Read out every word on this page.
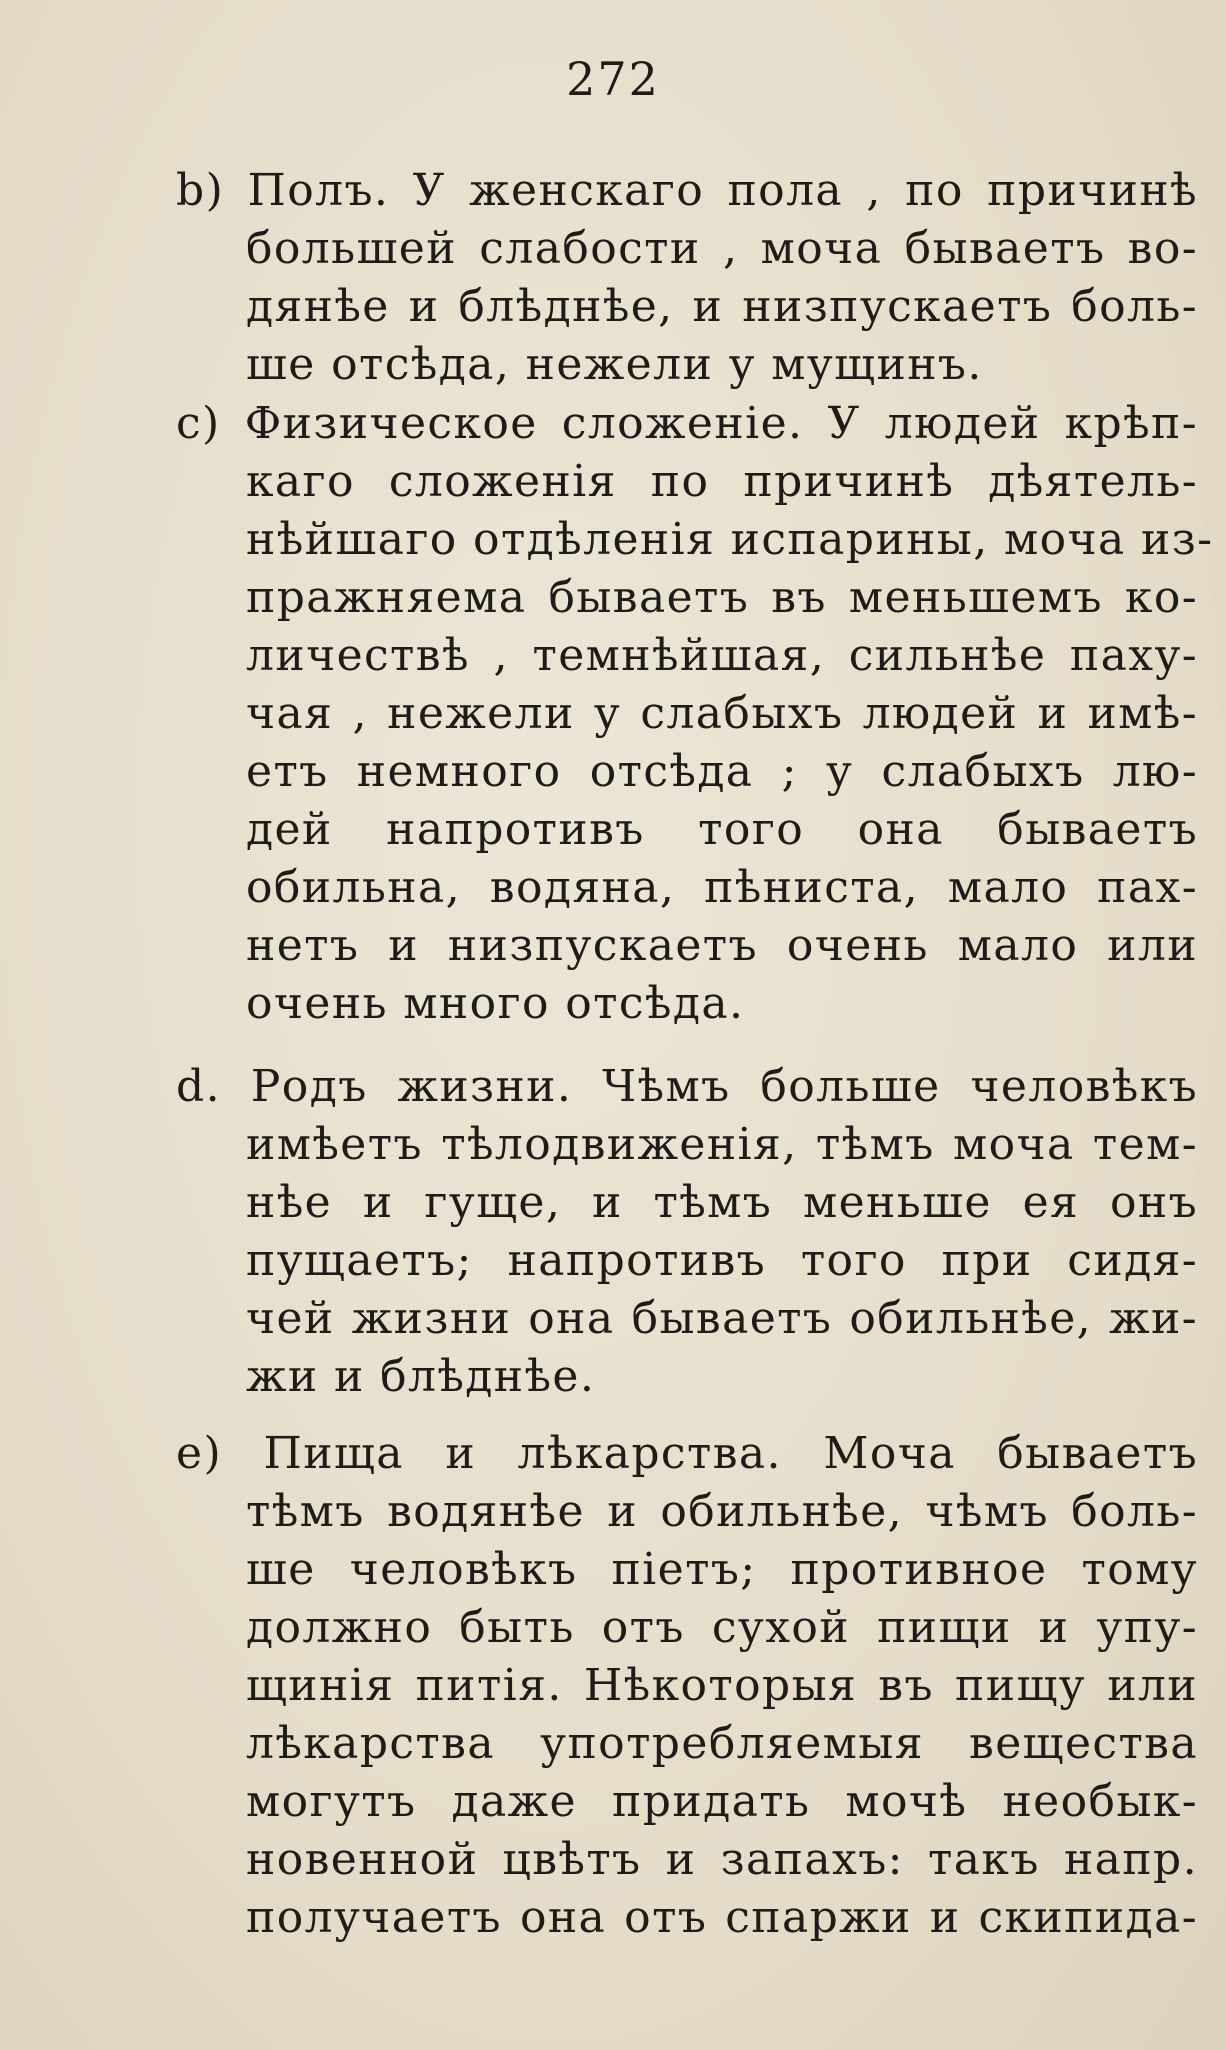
272
b) Полъ. У женскаго пола , по причинѣ
большей слабости , моча бываетъ во-
дянѣе и блѣднѣе, и низпускаетъ боль-
ше отсѣда, нежели у мущинъ.
c) Физическое сложеніе. У людей крѣп-
каго сложенія по причинѣ дѣятель-
нѣйшаго отдѣленія испарины, моча из-
пражняема бываетъ въ меньшемъ ко-
личествѣ , темнѣйшая, сильнѣе паху-
чая , нежели у слабыхъ людей и имѣ-
етъ немного отсѣда ; у слабыхъ лю-
дей напротивъ того она бываетъ
обильна, водяна, пѣниста, мало пах-
нетъ и низпускаетъ очень мало или
очень много отсѣда.
d. Родъ жизни. Чѣмъ больше человѣкъ
имѣетъ тѣлодвиженія, тѣмъ моча тем-
нѣе и гуще, и тѣмъ меньше ея онъ
пущаетъ; напротивъ того при сидя-
чей жизни она бываетъ обильнѣе, жи-
жи и блѣднѣе.
e) Пища и лѣкарства. Моча бываетъ
тѣмъ водянѣе и обильнѣе, чѣмъ боль-
ше человѣкъ піетъ; противное тому
должно быть отъ сухой пищи и упу-
щинія питія. Нѣкоторыя въ пищу или
лѣкарства употребляемыя вещества
могутъ даже придать мочѣ необык-
новенной цвѣтъ и запахъ: такъ напр.
получаетъ она отъ спаржи и скипида-
